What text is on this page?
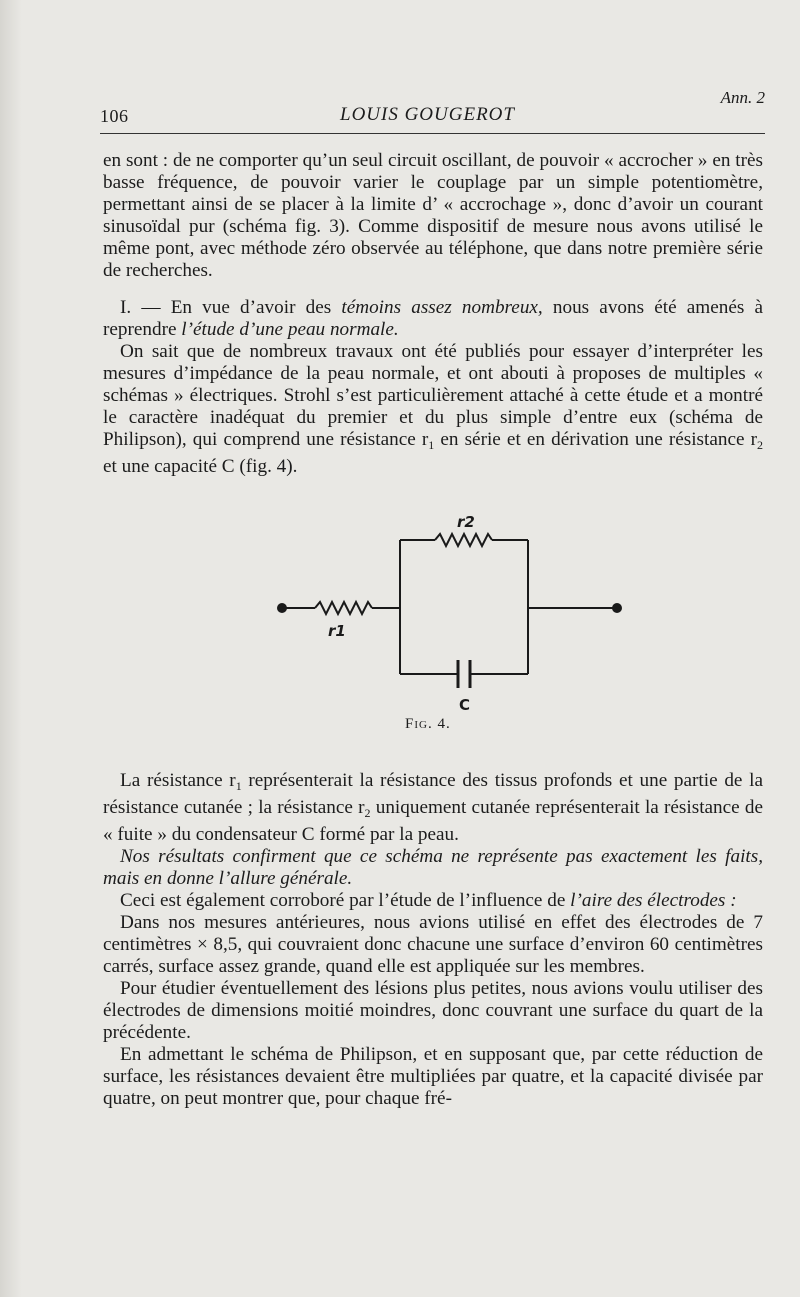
106	LOUIS GOUGEROT
Ann. 2

en sont : de ne comporter qu’un seul circuit oscillant, de pouvoir « accrocher » en très basse fréquence, de pouvoir varier le couplage par un simple potentiomètre, permettant ainsi de se placer à la limite d’ « accrochage », donc d’avoir un courant sinusoïdal pur (schéma fig. 3). Comme dispositif de mesure nous avons utilisé le même pont, avec méthode zéro observée au téléphone, que dans notre première série de recherches.

I. — En vue d’avoir des témoins assez nombreux, nous avons été amenés à reprendre l’étude d’une peau normale.

On sait que de nombreux travaux ont été publiés pour essayer d’interpréter les mesures d’impédance de la peau normale, et ont abouti à proposes de multiples « schémas » électriques. Strohl s’est particulièrement attaché à cette étude et a montré le caractère inadéquat du premier et du plus simple d’entre eux (schéma de Philipson), qui comprend une résistance $r_1$ en série et en dérivation une résistance $r_2$ et une capacité C (fig. 4).

r2
r1
C
Fig. 4.

La résistance $r_1$ représenterait la résistance des tissus profonds et une partie de la résistance cutanée ; la résistance $r_2$ uniquement cutanée représenterait la résistance de « fuite » du condensateur C formé par la peau.

Nos résultats confirment que ce schéma ne représente pas exactement les faits, mais en donne l’allure générale.

Ceci est également corroboré par l’étude de l’influence de l’aire des électrodes :

Dans nos mesures antérieures, nous avions utilisé en effet des électrodes de 7 centimètres × 8,5, qui couvraient donc chacune une surface d’environ 60 centimètres carrés, surface assez grande, quand elle est appliquée sur les membres.

Pour étudier éventuellement des lésions plus petites, nous avions voulu utiliser des électrodes de dimensions moitié moindres, donc couvrant une surface du quart de la précédente.

En admettant le schéma de Philipson, et en supposant que, par cette réduction de surface, les résistances devaient être multipliées par quatre, et la capacité divisée par quatre, on peut montrer que, pour chaque fré-
